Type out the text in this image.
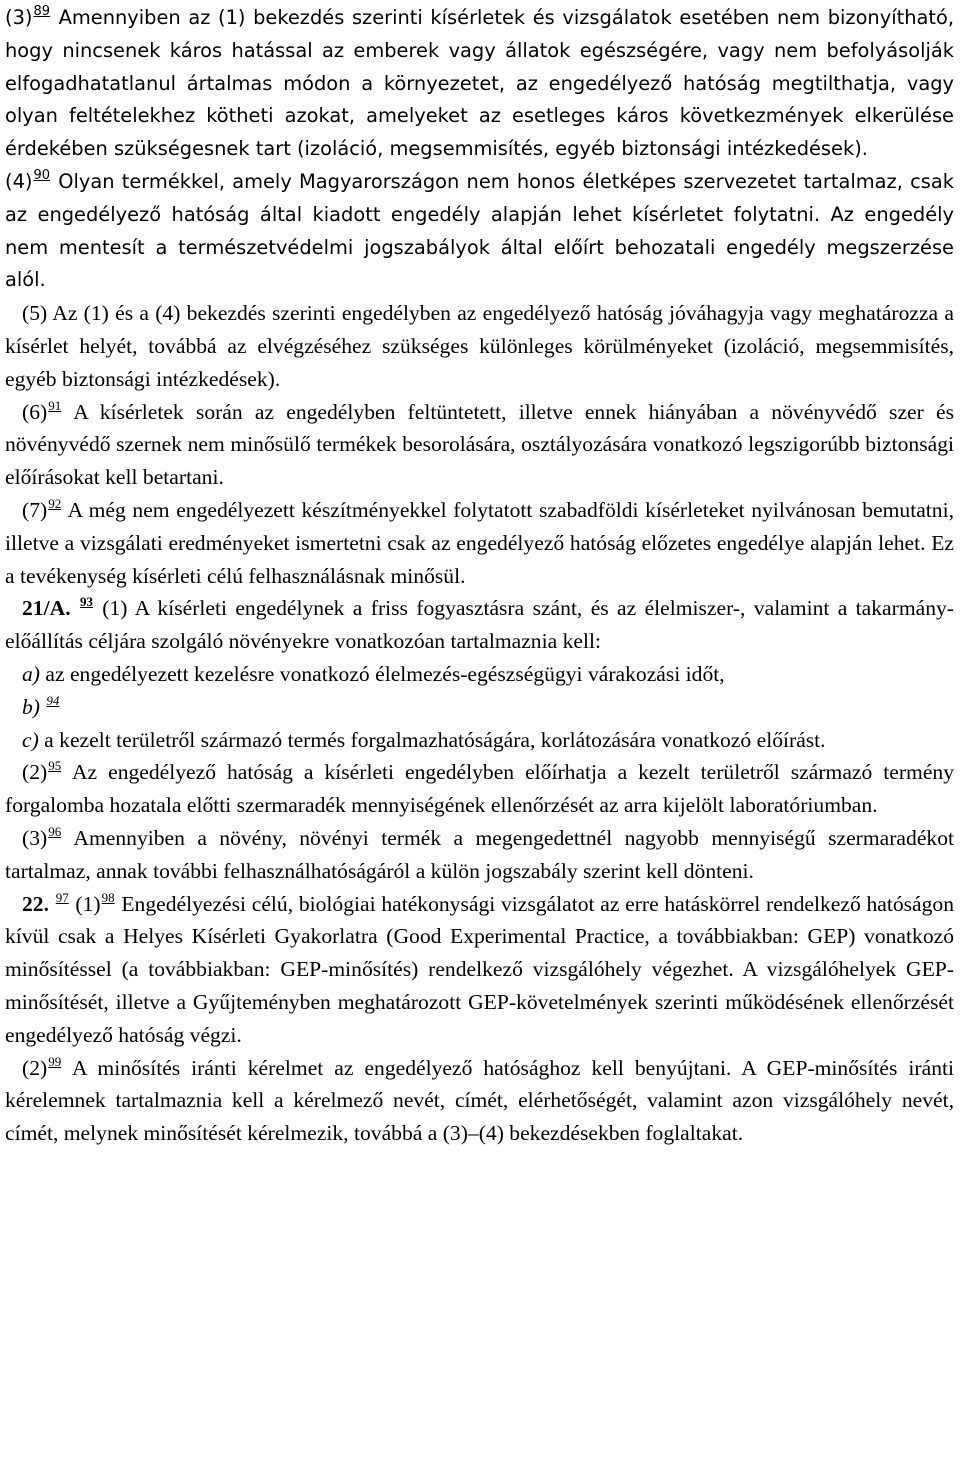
(3)$^{89}$ Amennyiben az (1) bekezdés szerinti kísérletek és vizsgálatok esetében nem bizonyítható, hogy nincsenek káros hatással az emberek vagy állatok egészségére, vagy nem befolyásolják elfogadhatatlanul ártalmas módon a környezetet, az engedélyező hatóság megtilthatja, vagy olyan feltételekhez kötheti azokat, amelyeket az esetleges káros következmények elkerülése érdekében szükségesnek tart (izoláció, megsemmisítés, egyéb biztonsági intézkedések).

(4)$^{90}$ Olyan termékkel, amely Magyarországon nem honos életképes szervezetet tartalmaz, csak az engedélyező hatóság által kiadott engedély alapján lehet kísérletet folytatni. Az engedély nem mentesít a természetvédelmi jogszabályok által előírt behozatali engedély megszerzése alól.

(5) Az (1) és a (4) bekezdés szerinti engedélyben az engedélyező hatóság jóváhagyja vagy meghatározza a kísérlet helyét, továbbá az elvégzéséhez szükséges különleges körülményeket (izoláció, megsemmisítés, egyéb biztonsági intézkedések).

(6)$^{91}$ A kísérletek során az engedélyben feltüntetett, illetve ennek hiányában a növényvédő szer és növényvédő szernek nem minősülő termékek besorolására, osztályozására vonatkozó legszigorúbb biztonsági előírásokat kell betartani.

(7)$^{92}$ A még nem engedélyezett készítményekkel folytatott szabadföldi kísérleteket nyilvánosan bemutatni, illetve a vizsgálati eredményeket ismertetni csak az engedélyező hatóság előzetes engedélye alapján lehet. Ez a tevékenység kísérleti célú felhasználásnak minősül.

21/A. $^{93}$ (1) A kísérleti engedélynek a friss fogyasztásra szánt, és az élelmiszer-, valamint a takarmány-előállítás céljára szolgáló növényekre vonatkozóan tartalmaznia kell:

a) az engedélyezett kezelésre vonatkozó élelmezés-egészségügyi várakozási időt,

b) $^{94}$

c) a kezelt területről származó termés forgalmazhatóságára, korlátozására vonatkozó előírást.

(2)$^{95}$ Az engedélyező hatóság a kísérleti engedélyben előírhatja a kezelt területről származó termény forgalomba hozatala előtti szermaradék mennyiségének ellenőrzését az arra kijelölt laboratóriumban.

(3)$^{96}$ Amennyiben a növény, növényi termék a megengedettnél nagyobb mennyiségű szermaradékot tartalmaz, annak további felhasználhatóságáról a külön jogszabály szerint kell dönteni.

22. $^{97}$ (1)$^{98}$ Engedélyezési célú, biológiai hatékonysági vizsgálatot az erre hatáskörrel rendelkező hatóságon kívül csak a Helyes Kísérleti Gyakorlatra (Good Experimental Practice, a továbbiakban: GEP) vonatkozó minősítéssel (a továbbiakban: GEP-minősítés) rendelkező vizsgálóhely végezhet. A vizsgálóhelyek GEP-minősítését, illetve a Gyűjteményben meghatározott GEP-követelmények szerinti működésének ellenőrzését engedélyező hatóság végzi.

(2)$^{99}$ A minősítés iránti kérelmet az engedélyező hatósághoz kell benyújtani. A GEP-minősítés iránti kérelemnek tartalmaznia kell a kérelmező nevét, címét, elérhetőségét, valamint azon vizsgálóhely nevét, címét, melynek minősítését kérelmezik, továbbá a (3)–(4) bekezdésekben foglaltakat.
